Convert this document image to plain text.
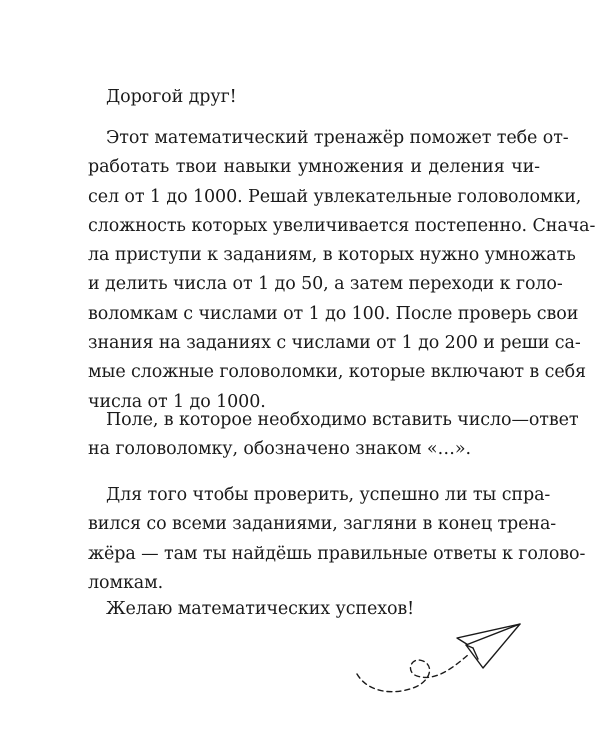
Дорогой друг!
Этот математический тренажёр поможет тебе от-
работать твои навыки умножения и деления чи-
сел от 1 до 1000. Решай увлекательные головоломки,
сложность которых увеличивается постепенно. Снача-
ла приступи к заданиям, в которых нужно умножать
и делить числа от 1 до 50, а затем переходи к голо-
воломкам с числами от 1 до 100. После проверь свои
знания на заданиях с числами от 1 до 200 и реши са-
мые сложные головоломки, которые включают в себя
числа от 1 до 1000.
Поле, в которое необходимо вставить число—ответ
на головоломку, обозначено знаком «…».
Для того чтобы проверить, успешно ли ты спра-
вился со всеми заданиями, загляни в конец трена-
жёра — там ты найдёшь правильные ответы к голово-
ломкам.
Желаю математических успехов!
